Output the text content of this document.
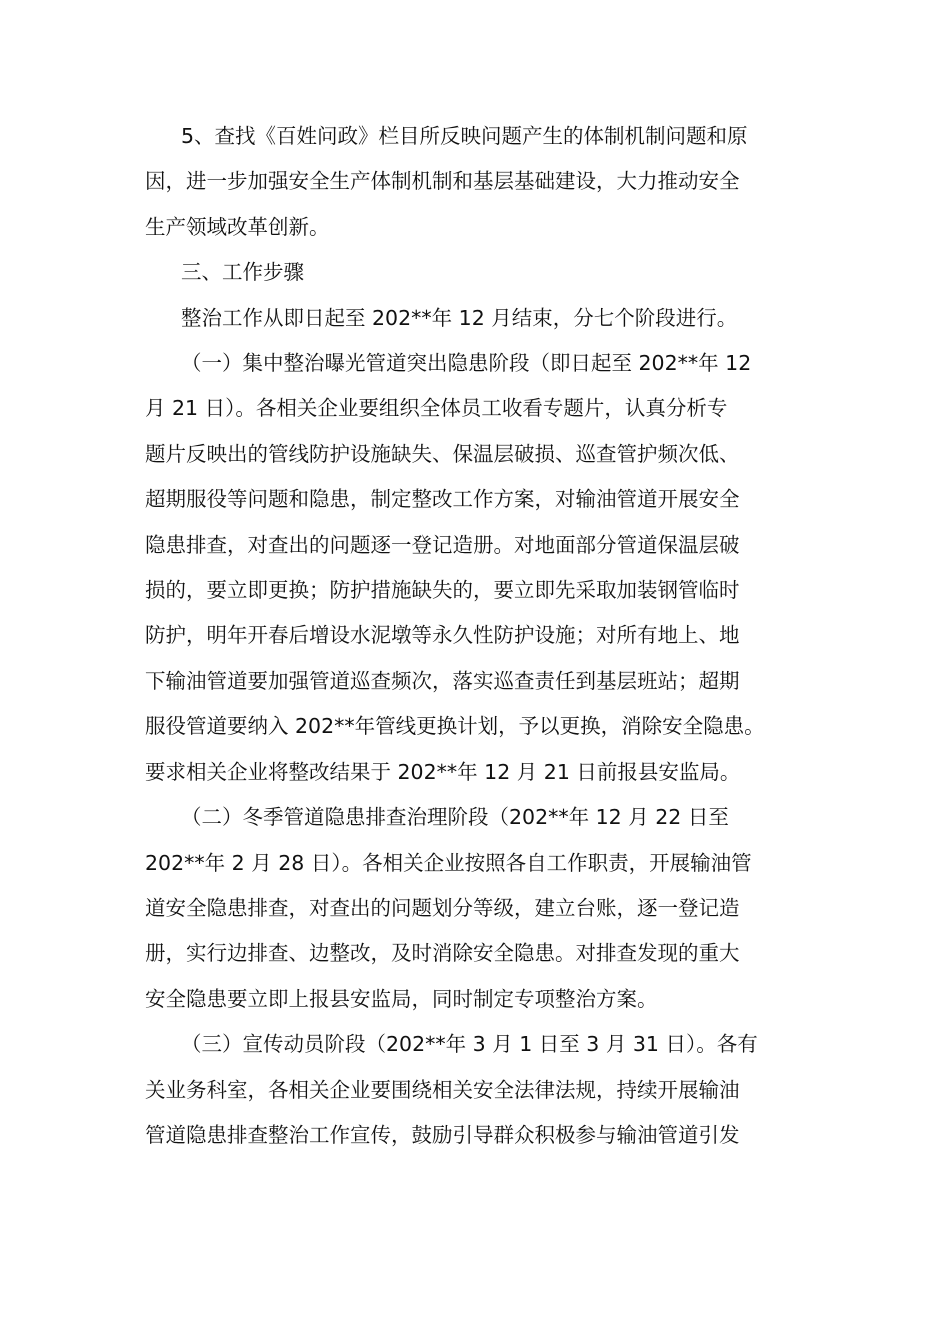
5、查找《百姓问政》栏目所反映问题产生的体制机制问题和原
因，进一步加强安全生产体制机制和基层基础建设，大力推动安全
生产领域改革创新。

三、工作步骤

整治工作从即日起至 202**年 12 月结束，分七个阶段进行。

（一）集中整治曝光管道突出隐患阶段（即日起至 202**年 12
月 21 日）。各相关企业要组织全体员工收看专题片，认真分析专
题片反映出的管线防护设施缺失、保温层破损、巡查管护频次低、
超期服役等问题和隐患，制定整改工作方案，对输油管道开展安全
隐患排查，对查出的问题逐一登记造册。对地面部分管道保温层破
损的，要立即更换；防护措施缺失的，要立即先采取加装钢管临时
防护，明年开春后增设水泥墩等永久性防护设施；对所有地上、地
下输油管道要加强管道巡查频次，落实巡查责任到基层班站；超期
服役管道要纳入 202**年管线更换计划，予以更换，消除安全隐患。
要求相关企业将整改结果于 202**年 12 月 21 日前报县安监局。

（二）冬季管道隐患排查治理阶段（202**年 12 月 22 日至
202**年 2 月 28 日）。各相关企业按照各自工作职责，开展输油管
道安全隐患排查，对查出的问题划分等级，建立台账，逐一登记造
册，实行边排查、边整改，及时消除安全隐患。对排查发现的重大
安全隐患要立即上报县安监局，同时制定专项整治方案。

（三）宣传动员阶段（202**年 3 月 1 日至 3 月 31 日）。各有
关业务科室，各相关企业要围绕相关安全法律法规，持续开展输油
管道隐患排查整治工作宣传，鼓励引导群众积极参与输油管道引发
